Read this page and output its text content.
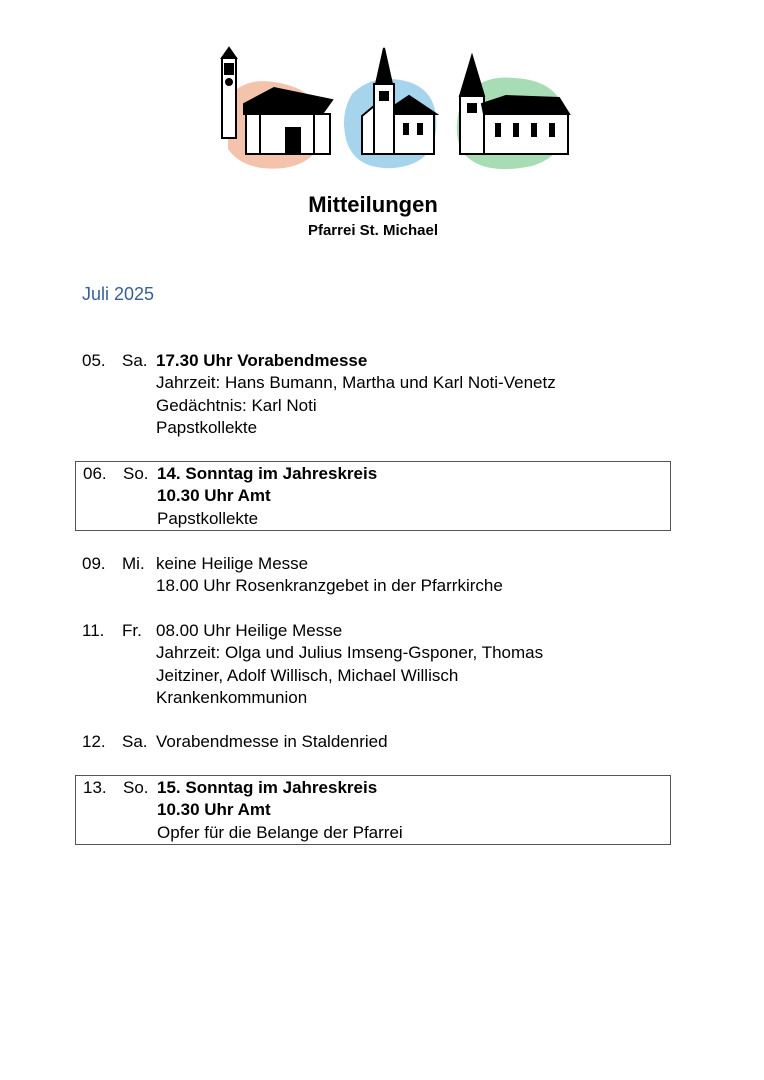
Mitteilungen
Pfarrei St. Michael
Juli 2025
05. Sa. 17.30 Uhr Vorabendmesse
Jahrzeit: Hans Bumann, Martha und Karl Noti-Venetz
Gedächtnis: Karl Noti
Papstkollekte
06. So. 14. Sonntag im Jahreskreis
10.30 Uhr Amt
Papstkollekte
09. Mi. keine Heilige Messe
18.00 Uhr Rosenkranzgebet in der Pfarrkirche
11.	Fr. 08.00 Uhr Heilige Messe
Jahrzeit: Olga und Julius Imseng-Gsponer, Thomas
Jeitziner, Adolf Willisch, Michael Willisch
Krankenkommunion
12. Sa. Vorabendmesse in Staldenried
13. So. 15. Sonntag im Jahreskreis
10.30 Uhr Amt
Opfer für die Belange der Pfarrei
